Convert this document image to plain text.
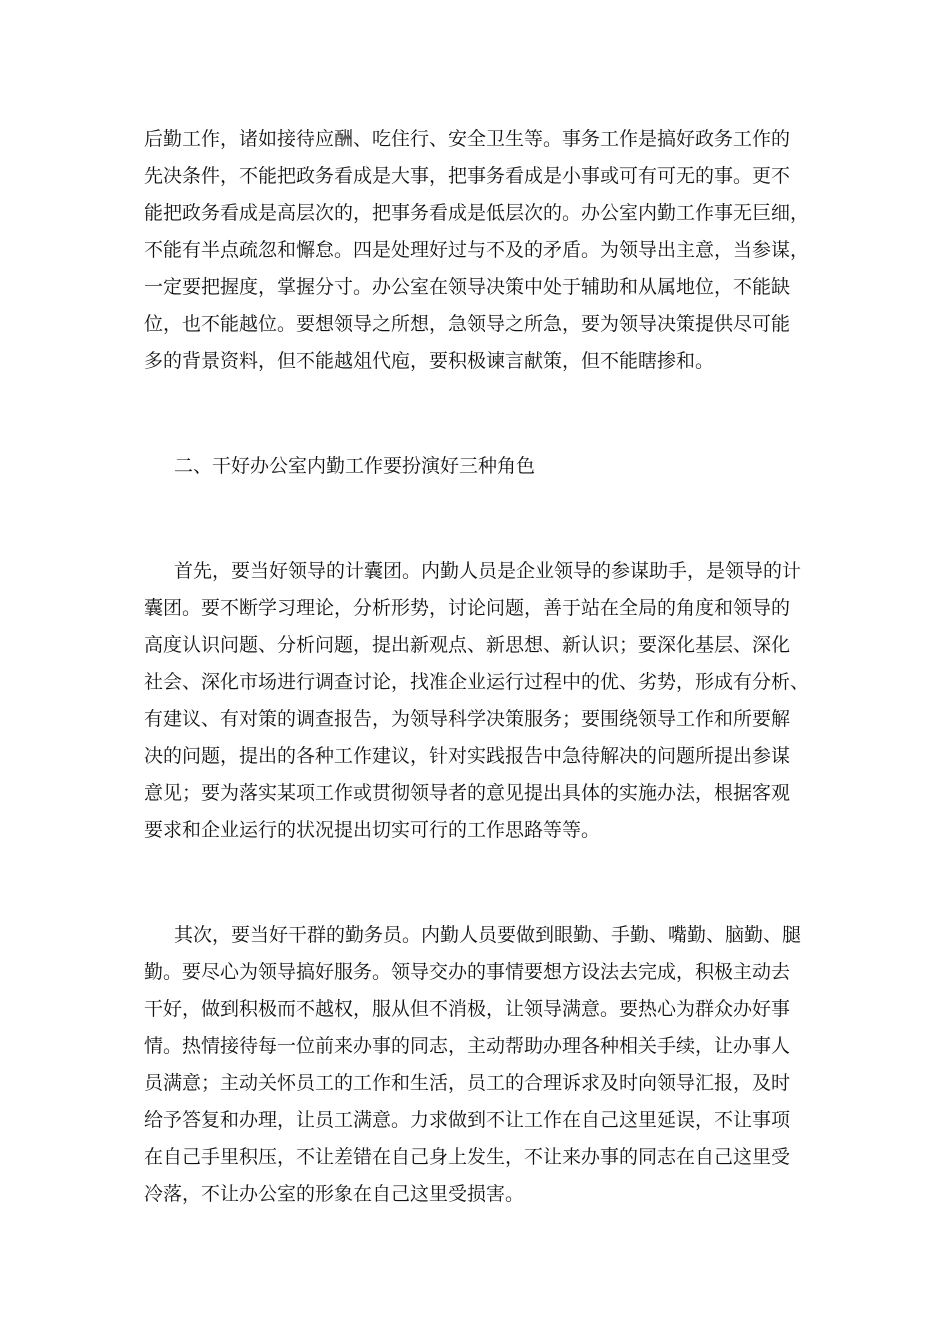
后勤工作，诸如接待应酬、吃住行、安全卫生等。事务工作是搞好政务工作的
先决条件，不能把政务看成是大事，把事务看成是小事或可有可无的事。更不
能把政务看成是高层次的，把事务看成是低层次的。办公室内勤工作事无巨细，
不能有半点疏忽和懈怠。四是处理好过与不及的矛盾。为领导出主意，当参谋，
一定要把握度，掌握分寸。办公室在领导决策中处于辅助和从属地位，不能缺
位，也不能越位。要想领导之所想，急领导之所急，要为领导决策提供尽可能
多的背景资料，但不能越俎代庖，要积极谏言献策，但不能瞎掺和。
二、干好办公室内勤工作要扮演好三种角色
首先，要当好领导的计囊团。内勤人员是企业领导的参谋助手，是领导的计
囊团。要不断学习理论，分析形势，讨论问题，善于站在全局的角度和领导的
高度认识问题、分析问题，提出新观点、新思想、新认识；要深化基层、深化
社会、深化市场进行调查讨论，找准企业运行过程中的优、劣势，形成有分析、
有建议、有对策的调查报告，为领导科学决策服务；要围绕领导工作和所要解
决的问题，提出的各种工作建议，针对实践报告中急待解决的问题所提出参谋
意见；要为落实某项工作或贯彻领导者的意见提出具体的实施办法，根据客观
要求和企业运行的状况提出切实可行的工作思路等等。
其次，要当好干群的勤务员。内勤人员要做到眼勤、手勤、嘴勤、脑勤、腿
勤。要尽心为领导搞好服务。领导交办的事情要想方设法去完成，积极主动去
干好，做到积极而不越权，服从但不消极，让领导满意。要热心为群众办好事
情。热情接待每一位前来办事的同志，主动帮助办理各种相关手续，让办事人
员满意；主动关怀员工的工作和生活，员工的合理诉求及时向领导汇报，及时
给予答复和办理，让员工满意。力求做到不让工作在自己这里延误，不让事项
在自己手里积压，不让差错在自己身上发生，不让来办事的同志在自己这里受
冷落，不让办公室的形象在自己这里受损害。
